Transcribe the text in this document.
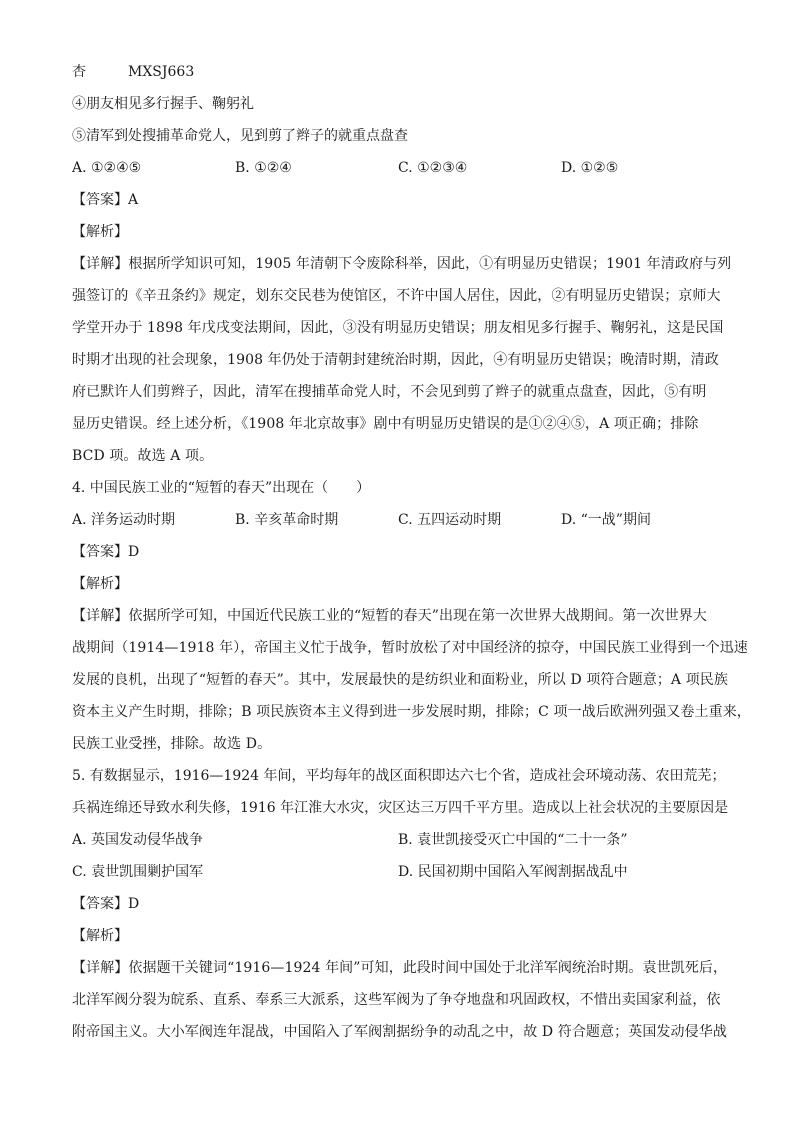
杏	MXSJ663

④朋友相见多行握手、鞠躬礼

⑤清军到处搜捕革命党人，见到剪了辫子的就重点盘查

A. ①②④⑤	B. ①②④	C. ①②③④	D. ①②⑤

【答案】A

【解析】

【详解】根据所学知识可知，1905 年清朝下令废除科举，因此，①有明显历史错误；1901 年清政府与列

强签订的《辛丑条约》规定，划东交民巷为使馆区，不许中国人居住，因此，②有明显历史错误；京师大

学堂开办于 1898 年戊戌变法期间，因此，③没有明显历史错误；朋友相见多行握手、鞠躬礼，这是民国

时期才出现的社会现象，1908 年仍处于清朝封建统治时期，因此，④有明显历史错误；晚清时期，清政

府已默许人们剪辫子，因此，清军在搜捕革命党人时，不会见到剪了辫子的就重点盘查，因此，⑤有明

显历史错误。经上述分析，《1908 年北京故事》剧中有明显历史错误的是①②④⑤，A 项正确；排除

BCD 项。故选 A 项。

4. 中国民族工业的“短暂的春天”出现在（　　）

A. 洋务运动时期	B. 辛亥革命时期	C. 五四运动时期	D. “一战”期间

【答案】D

【解析】

【详解】依据所学可知，中国近代民族工业的“短暂的春天”出现在第一次世界大战期间。第一次世界大

战期间（1914—1918 年），帝国主义忙于战争，暂时放松了对中国经济的掠夺，中国民族工业得到一个迅速

发展的良机，出现了“短暂的春天”。其中，发展最快的是纺织业和面粉业，所以 D 项符合题意；A 项民族

资本主义产生时期，排除；B 项民族资本主义得到进一步发展时期，排除；C 项一战后欧洲列强又卷土重来，

民族工业受挫，排除。故选 D。

5. 有数据显示，1916—1924 年间，平均每年的战区面积即达六七个省，造成社会环境动荡、农田荒芜；

兵祸连绵还导致水利失修，1916 年江淮大水灾，灾区达三万四千平方里。造成以上社会状况的主要原因是

A. 英国发动侵华战争	B. 袁世凯接受灭亡中国的“二十一条”
C. 袁世凯围剿护国军	D. 民国初期中国陷入军阀割据战乱中

【答案】D

【解析】

【详解】依据题干关键词“1916—1924 年间”可知，此段时间中国处于北洋军阀统治时期。袁世凯死后，

北洋军阀分裂为皖系、直系、奉系三大派系，这些军阀为了争夺地盘和巩固政权，不惜出卖国家利益，依

附帝国主义。大小军阀连年混战，中国陷入了军阀割据纷争的动乱之中，故 D 符合题意；英国发动侵华战
